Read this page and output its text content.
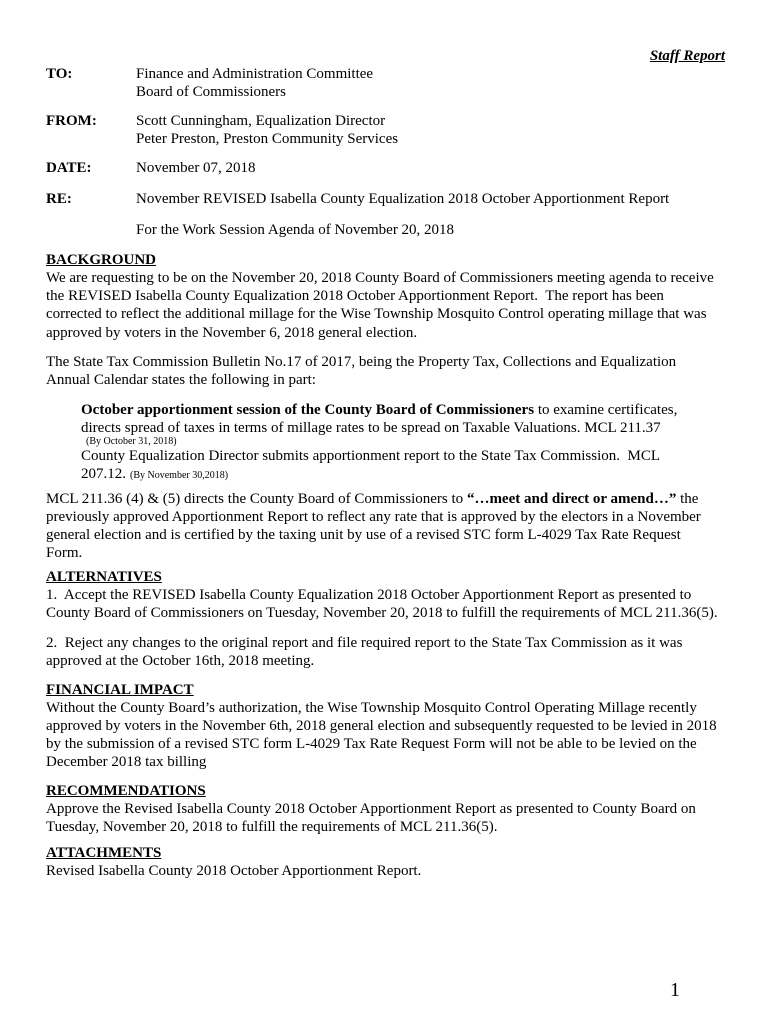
Staff Report
TO:	Finance and Administration Committee
Board of Commissioners
FROM:	Scott Cunningham, Equalization Director
Peter Preston, Preston Community Services
DATE:	November 07, 2018
RE:	November REVISED Isabella County Equalization 2018 October Apportionment Report
For the Work Session Agenda of November 20, 2018
BACKGROUND
We are requesting to be on the November 20, 2018 County Board of Commissioners meeting agenda to receive
the REVISED Isabella County Equalization 2018 October Apportionment Report.  The report has been
corrected to reflect the additional millage for the Wise Township Mosquito Control operating millage that was
approved by voters in the November 6, 2018 general election.
The State Tax Commission Bulletin No.17 of 2017, being the Property Tax, Collections and Equalization
Annual Calendar states the following in part:
October apportionment session of the County Board of Commissioners to examine certificates,
directs spread of taxes in terms of millage rates to be spread on Taxable Valuations. MCL 211.37
(By October 31, 2018)
County Equalization Director submits apportionment report to the State Tax Commission.  MCL
207.12. (By November 30,2018)
MCL 211.36 (4) & (5) directs the County Board of Commissioners to “…meet and direct or amend…” the
previously approved Apportionment Report to reflect any rate that is approved by the electors in a November
general election and is certified by the taxing unit by use of a revised STC form L-4029 Tax Rate Request
Form.
ALTERNATIVES
1.  Accept the REVISED Isabella County Equalization 2018 October Apportionment Report as presented to
County Board of Commissioners on Tuesday, November 20, 2018 to fulfill the requirements of MCL 211.36(5).
2.  Reject any changes to the original report and file required report to the State Tax Commission as it was
approved at the October 16th, 2018 meeting.
FINANCIAL IMPACT
Without the County Board’s authorization, the Wise Township Mosquito Control Operating Millage recently
approved by voters in the November 6th, 2018 general election and subsequently requested to be levied in 2018
by the submission of a revised STC form L-4029 Tax Rate Request Form will not be able to be levied on the
December 2018 tax billing
RECOMMENDATIONS
Approve the Revised Isabella County 2018 October Apportionment Report as presented to County Board on
Tuesday, November 20, 2018 to fulfill the requirements of MCL 211.36(5).
ATTACHMENTS
Revised Isabella County 2018 October Apportionment Report.
1
